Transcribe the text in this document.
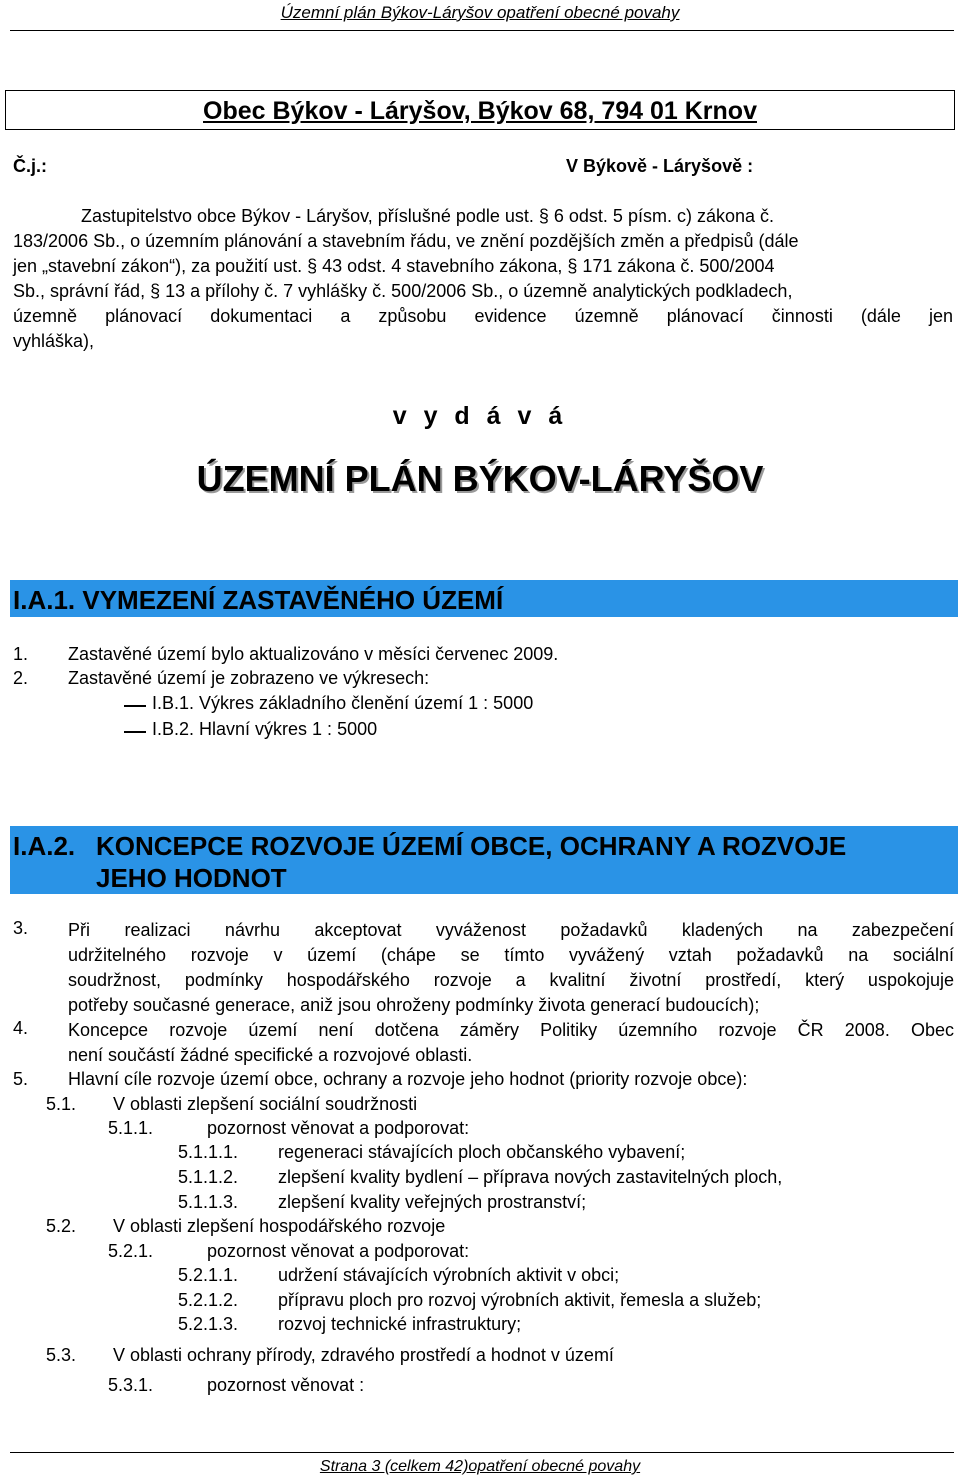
Územní plán Býkov-Láryšov opatření obecné povahy
Obec Býkov - Láryšov, Býkov 68, 794 01 Krnov
Č.j.:	V Býkově - Láryšově :
Zastupitelstvo obce Býkov - Láryšov, příslušné podle ust. § 6 odst. 5 písm. c) zákona č.
183/2006 Sb., o územním plánování a stavebním řádu, ve znění pozdějších změn a předpisů (dále
jen „stavební zákon“), za použití ust. § 43 odst. 4 stavebního zákona, § 171 zákona č. 500/2004
Sb., správní řád, § 13 a přílohy č. 7 vyhlášky č. 500/2006 Sb., o územně analytických podkladech,
územně plánovací dokumentaci a způsobu evidence územně plánovací činnosti (dále jen
vyhláška),
v y d á v á
ÚZEMNÍ PLÁN BÝKOV-LÁRYŠOV
I.A.1. VYMEZENÍ ZASTAVĚNÉHO ÚZEMÍ
1. Zastavěné území bylo aktualizováno v měsíci červenec 2009.
2. Zastavěné území je zobrazeno ve výkresech:
I.B.1. Výkres základního členění území 1 : 5000
I.B.2. Hlavní výkres 1 : 5000
I.A.2. KONCEPCE ROZVOJE ÚZEMÍ OBCE, OCHRANY A ROZVOJE
JEHO HODNOT
3. Při realizaci návrhu akceptovat vyváženost požadavků kladených na zabezpečení
udržitelného rozvoje v území (chápe se tímto vyvážený vztah požadavků na sociální
soudržnost, podmínky hospodářského rozvoje a kvalitní životní prostředí, který uspokojuje
potřeby současné generace, aniž jsou ohroženy podmínky života generací budoucích);
4. Koncepce rozvoje území není dotčena záměry Politiky územního rozvoje ČR 2008. Obec
není součástí žádné specifické a rozvojové oblasti.
5. Hlavní cíle rozvoje území obce, ochrany a rozvoje jeho hodnot (priority rozvoje obce):
5.1. V oblasti zlepšení sociální soudržnosti
5.1.1.	pozornost věnovat a podporovat:
5.1.1.1. regeneraci stávajících ploch občanského vybavení;
5.1.1.2. zlepšení kvality bydlení – příprava nových zastavitelných ploch,
5.1.1.3. zlepšení kvality veřejných prostranství;
5.2. V oblasti zlepšení hospodářského rozvoje
5.2.1.	pozornost věnovat a podporovat:
5.2.1.1. udržení stávajících výrobních aktivit v obci;
5.2.1.2. přípravu ploch pro rozvoj výrobních aktivit, řemesla a služeb;
5.2.1.3. rozvoj technické infrastruktury;
5.3. V oblasti ochrany přírody, zdravého prostředí a hodnot v území
5.3.1.	pozornost věnovat :
Strana 3 (celkem 42)opatření obecné povahy
